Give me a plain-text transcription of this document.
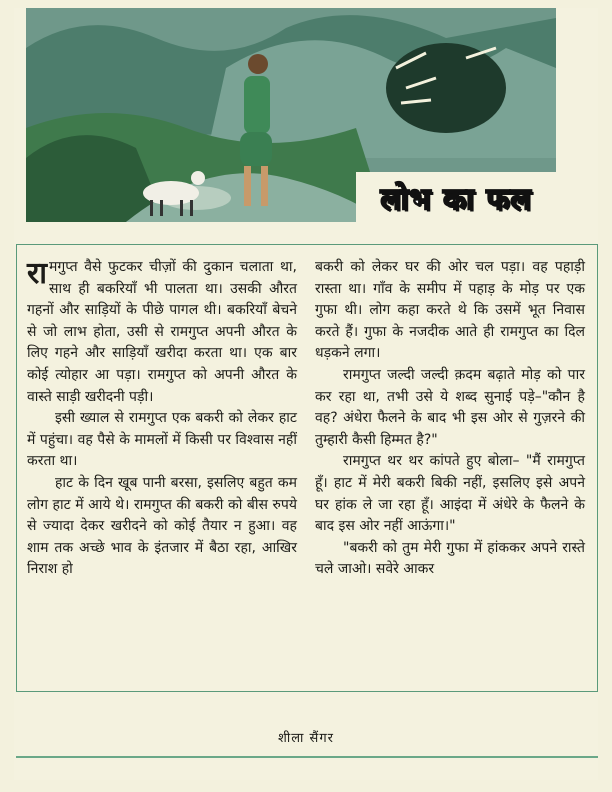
लोभ का फल

रामगुप्त वैसे फुटकर चीज़ों की दुकान चलाता था, साथ ही बकरियाँ भी पालता था। उसकी औरत गहनों और साड़ियों के पीछे पागल थी। बकरियाँ बेचने से जो लाभ होता, उसी से रामगुप्त अपनी औरत के लिए गहने और साड़ियाँ खरीदा करता था। एक बार कोई त्योहार आ पड़ा। रामगुप्त को अपनी औरत के वास्ते साड़ी खरीदनी पड़ी।

इसी ख्याल से रामगुप्त एक बकरी को लेकर हाट में पहुंचा। वह पैसे के मामलों में किसी पर विश्वास नहीं करता था।

हाट के दिन खूब पानी बरसा, इसलिए बहुत कम लोग हाट में आये थे। रामगुप्त की बकरी को बीस रुपये से ज्यादा देकर खरीदने को कोई तैयार न हुआ। वह शाम तक अच्छे भाव के इंतजार में बैठा रहा, आखिर निराश हो

बकरी को लेकर घर की ओर चल पड़ा। वह पहाड़ी रास्ता था। गाँव के समीप में पहाड़ के मोड़ पर एक गुफा थी। लोग कहा करते थे कि उसमें भूत निवास करते हैं। गुफा के नजदीक आते ही रामगुप्त का दिल धड़कने लगा।

रामगुप्त जल्दी जल्दी क़दम बढ़ाते मोड़ को पार कर रहा था, तभी उसे ये शब्द सुनाई पड़े–"कौन है वह? अंधेरा फैलने के बाद भी इस ओर से गुज़रने की तुम्हारी कैसी हिम्मत है?"

रामगुप्त थर थर कांपते हुए बोला– "मैं रामगुप्त हूँ। हाट में मेरी बकरी बिकी नहीं, इसलिए इसे अपने घर हांक ले जा रहा हूँ। आइंदा में अंधेरे के फैलने के बाद इस ओर नहीं आऊंगा।"

"बकरी को तुम मेरी गुफा में हांककर अपने रास्ते चले जाओ। सवेरे आकर

शीला सैंगर
